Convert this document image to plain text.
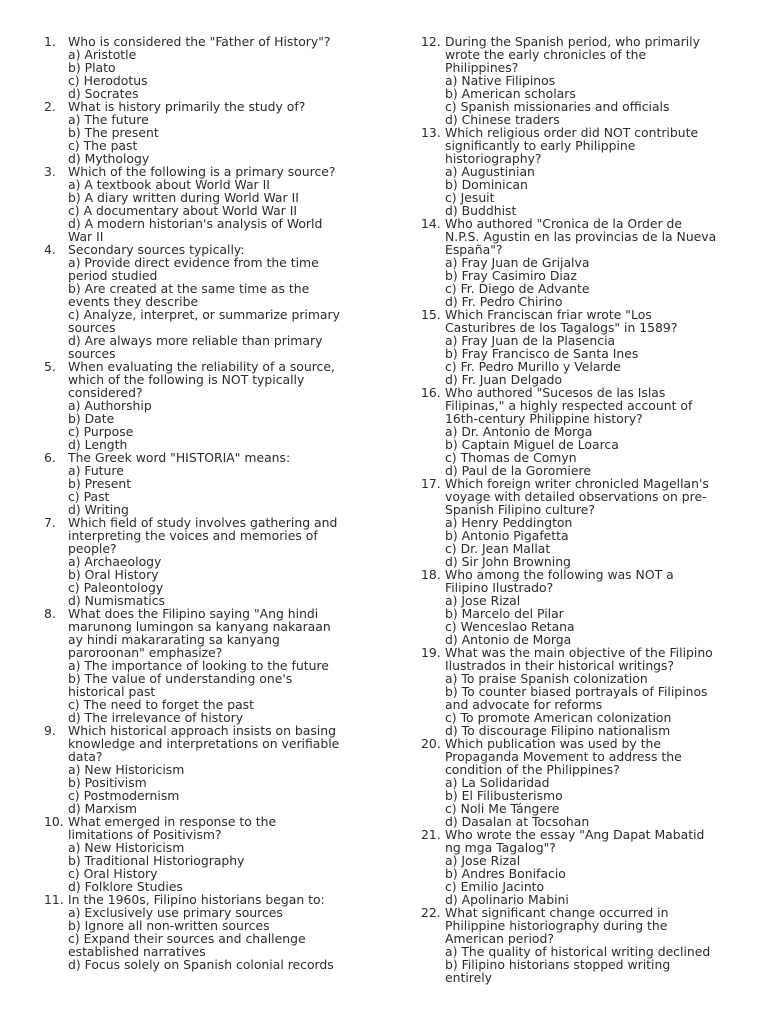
1. Who is considered the "Father of History"?
a) Aristotle
b) Plato
c) Herodotus
d) Socrates
2. What is history primarily the study of?
a) The future
b) The present
c) The past
d) Mythology
3. Which of the following is a primary source?
a) A textbook about World War II
b) A diary written during World War II
c) A documentary about World War II
d) A modern historian's analysis of World
War II
4. Secondary sources typically:
a) Provide direct evidence from the time
period studied
b) Are created at the same time as the
events they describe
c) Analyze, interpret, or summarize primary
sources
d) Are always more reliable than primary
sources
5. When evaluating the reliability of a source,
which of the following is NOT typically
considered?
a) Authorship
b) Date
c) Purpose
d) Length
6. The Greek word "HISTORIA" means:
a) Future
b) Present
c) Past
d) Writing
7. Which field of study involves gathering and
interpreting the voices and memories of
people?
a) Archaeology
b) Oral History
c) Paleontology
d) Numismatics
8. What does the Filipino saying "Ang hindi
marunong lumingon sa kanyang nakaraan
ay hindi makararating sa kanyang
paroroonan" emphasize?
a) The importance of looking to the future
b) The value of understanding one's
historical past
c) The need to forget the past
d) The irrelevance of history
9. Which historical approach insists on basing
knowledge and interpretations on verifiable
data?
a) New Historicism
b) Positivism
c) Postmodernism
d) Marxism
10. What emerged in response to the
limitations of Positivism?
a) New Historicism
b) Traditional Historiography
c) Oral History
d) Folklore Studies
11. In the 1960s, Filipino historians began to:
a) Exclusively use primary sources
b) Ignore all non-written sources
c) Expand their sources and challenge
established narratives
d) Focus solely on Spanish colonial records
12. During the Spanish period, who primarily
wrote the early chronicles of the
Philippines?
a) Native Filipinos
b) American scholars
c) Spanish missionaries and officials
d) Chinese traders
13. Which religious order did NOT contribute
significantly to early Philippine
historiography?
a) Augustinian
b) Dominican
c) Jesuit
d) Buddhist
14. Who authored "Cronica de la Order de
N.P.S. Agustin en las provincias de la Nueva
España"?
a) Fray Juan de Grijalva
b) Fray Casimiro Diaz
c) Fr. Diego de Advante
d) Fr. Pedro Chirino
15. Which Franciscan friar wrote "Los
Casturibres de los Tagalogs" in 1589?
a) Fray Juan de la Plasencia
b) Fray Francisco de Santa Ines
c) Fr. Pedro Murillo y Velarde
d) Fr. Juan Delgado
16. Who authored "Sucesos de las Islas
Filipinas," a highly respected account of
16th-century Philippine history?
a) Dr. Antonio de Morga
b) Captain Miguel de Loarca
c) Thomas de Comyn
d) Paul de la Goromiere
17. Which foreign writer chronicled Magellan's
voyage with detailed observations on pre-
Spanish Filipino culture?
a) Henry Peddington
b) Antonio Pigafetta
c) Dr. Jean Mallat
d) Sir John Browning
18. Who among the following was NOT a
Filipino Ilustrado?
a) Jose Rizal
b) Marcelo del Pilar
c) Wenceslao Retana
d) Antonio de Morga
19. What was the main objective of the Filipino
Ilustrados in their historical writings?
a) To praise Spanish colonization
b) To counter biased portrayals of Filipinos
and advocate for reforms
c) To promote American colonization
d) To discourage Filipino nationalism
20. Which publication was used by the
Propaganda Movement to address the
condition of the Philippines?
a) La Solidaridad
b) El Filibusterismo
c) Noli Me Tángere
d) Dasalan at Tocsohan
21. Who wrote the essay "Ang Dapat Mabatid
ng mga Tagalog"?
a) Jose Rizal
b) Andres Bonifacio
c) Emilio Jacinto
d) Apolinario Mabini
22. What significant change occurred in
Philippine historiography during the
American period?
a) The quality of historical writing declined
b) Filipino historians stopped writing
entirely
